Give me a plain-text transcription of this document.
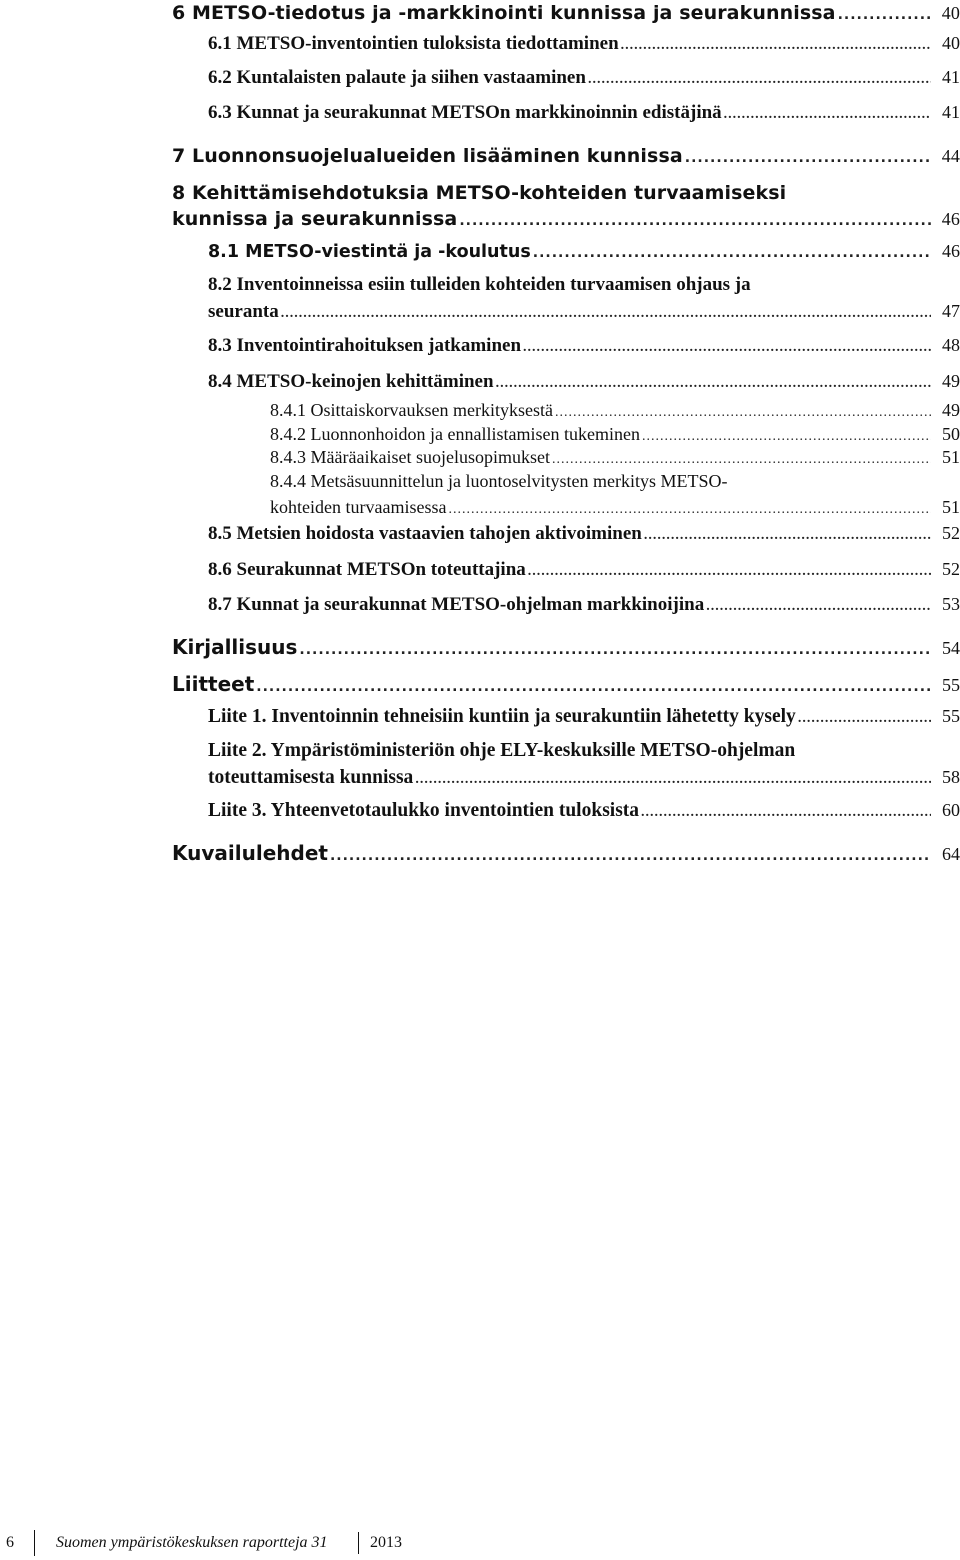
6 METSO-tiedotus ja -markkinointi kunnissa ja seurakunnissa .....	40
6.1 METSO-inventointien tuloksista tiedottaminen .....	40
6.2 Kuntalaisten palaute ja siihen vastaaminen .....	41
6.3 Kunnat ja seurakunnat METSOn markkinoinnin edistäjinä .....	41
7 Luonnonsuojelualueiden lisääminen kunnissa .....	44
8 Kehittämisehdotuksia METSO-kohteiden turvaamiseksi
kunnissa ja seurakunnissa .....	46
8.1 METSO-viestintä ja -koulutus .....	46
8.2 Inventoinneissa esiin tulleiden kohteiden turvaamisen ohjaus ja
seuranta .....	47
8.3 Inventointirahoituksen jatkaminen .....	48
8.4 METSO-keinojen kehittäminen .....	49
8.4.1 Osittaiskorvauksen merkityksestä .....	49
8.4.2 Luonnonhoidon ja ennallistamisen tukeminen .....	50
8.4.3 Määräaikaiset suojelusopimukset .....	51
8.4.4 Metsäsuunnittelun ja luontoselvitysten merkitys METSO-
kohteiden turvaamisessa .....	51
8.5 Metsien hoidosta vastaavien tahojen aktivoiminen .....	52
8.6 Seurakunnat METSOn toteuttajina .....	52
8.7 Kunnat ja seurakunnat METSO-ohjelman markkinoijina .....	53
Kirjallisuus .....	54
Liitteet .....	55
Liite 1. Inventoinnin tehneisiin kuntiin ja seurakuntiin lähetetty kysely .....	55
Liite 2. Ympäristöministeriön ohje ELY-keskuksille METSO-ohjelman
toteuttamisesta kunnissa .....	58
Liite 3. Yhteenvetotaulukko inventointien tuloksista .....	60
Kuvailulehdet .....	64
6	Suomen ympäristökeskuksen raportteja 31	2013
